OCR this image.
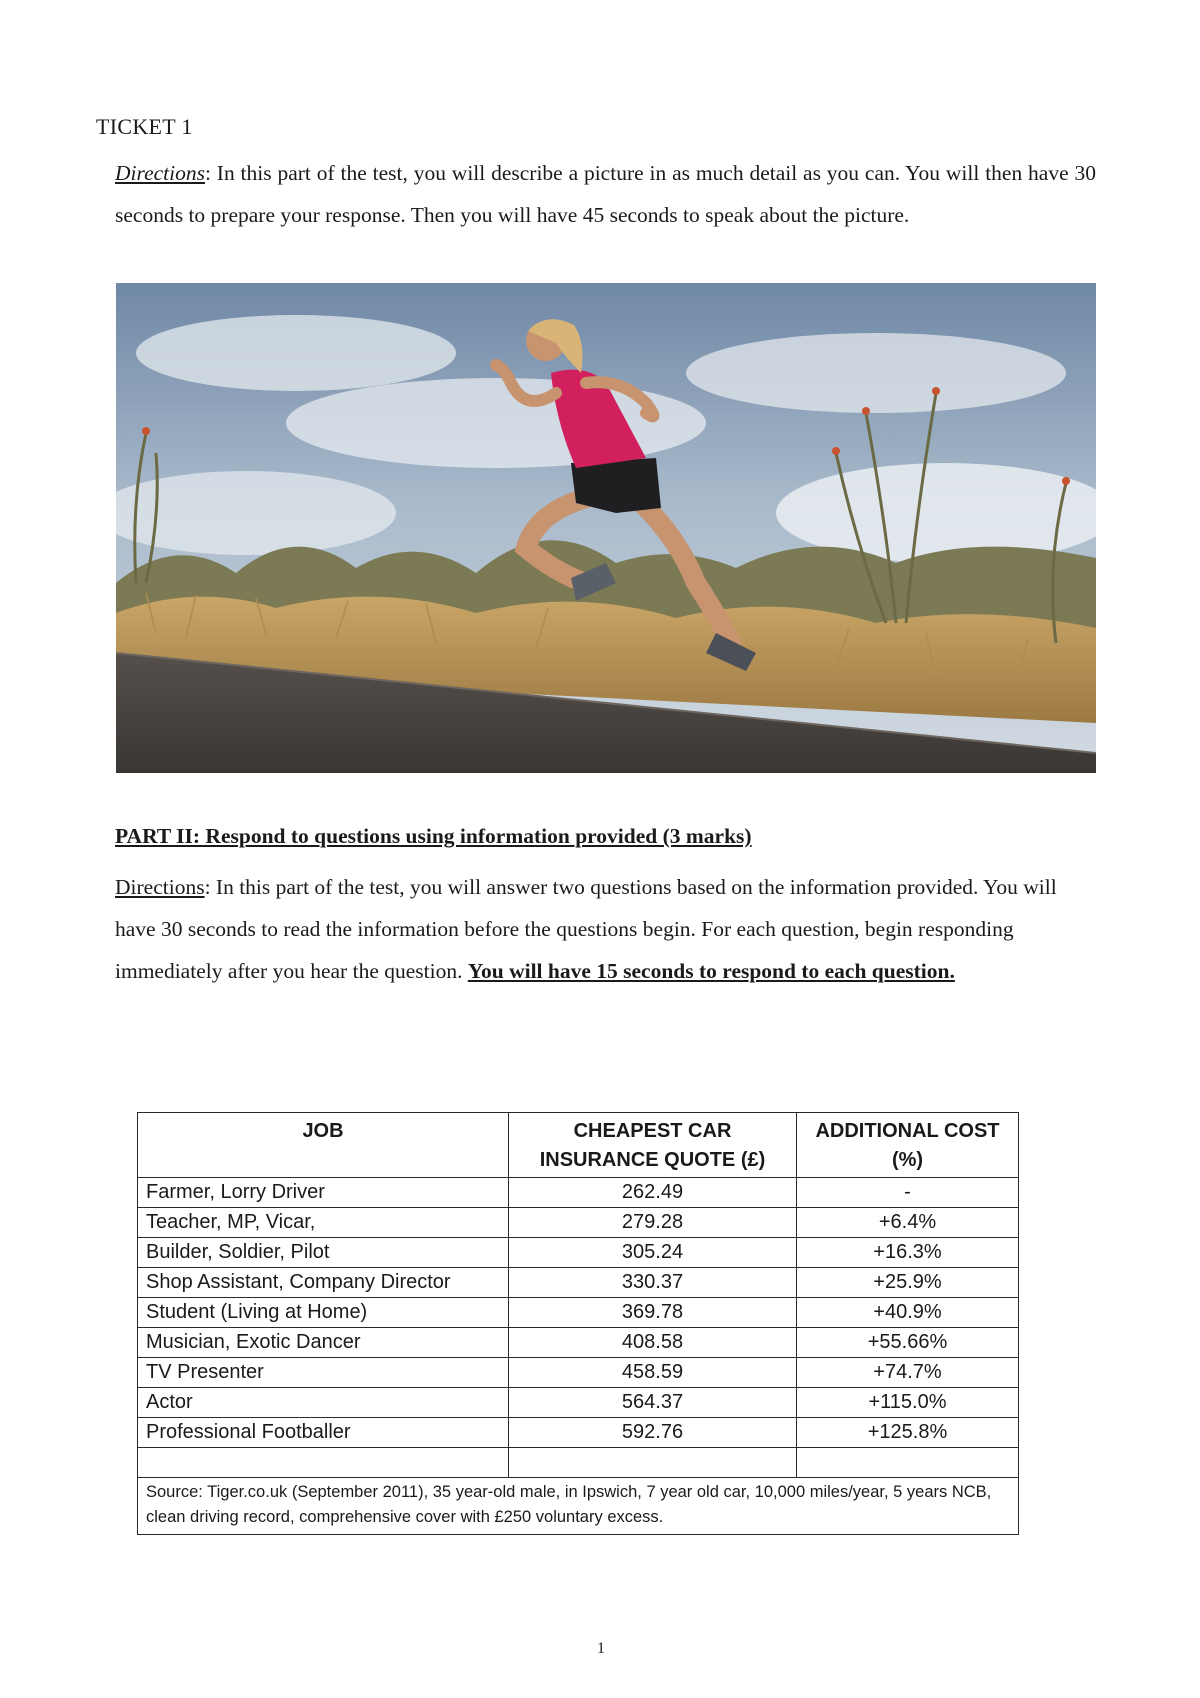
TICKET 1
Directions: In this part of the test, you will describe a picture in as much detail as you can. You will then have 30 seconds to prepare your response. Then you will have 45 seconds to speak about the picture.
PART II: Respond to questions using information provided (3 marks)
Directions: In this part of the test, you will answer two questions based on the information provided. You will have 30 seconds to read the information before the questions begin. For each question, begin responding immediately after you hear the question. You will have 15 seconds to respond to each question.
JOB	CHEAPEST CAR INSURANCE QUOTE (£)	ADDITIONAL COST (%)
Farmer, Lorry Driver	262.49	-
Teacher, MP, Vicar,	279.28	+6.4%
Builder, Soldier, Pilot	305.24	+16.3%
Shop Assistant, Company Director	330.37	+25.9%
Student (Living at Home)	369.78	+40.9%
Musician, Exotic Dancer	408.58	+55.66%
TV Presenter	458.59	+74.7%
Actor	564.37	+115.0%
Professional Footballer	592.76	+125.8%

Source: Tiger.co.uk (September 2011), 35 year-old male, in Ipswich, 7 year old car, 10,000 miles/year, 5 years NCB, clean driving record, comprehensive cover with £250 voluntary excess.		
1
